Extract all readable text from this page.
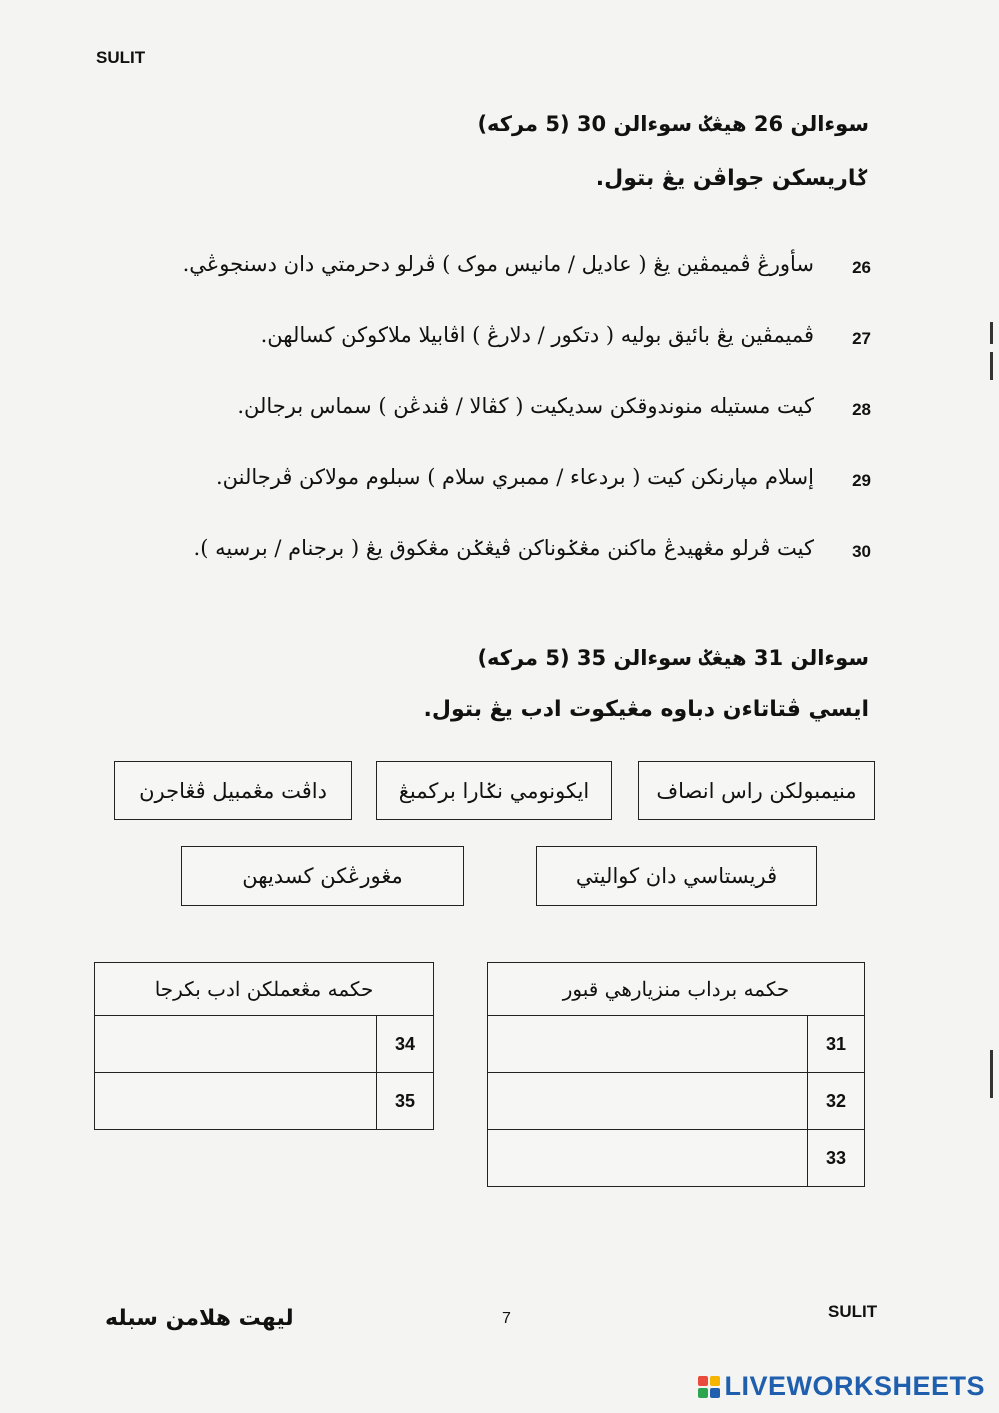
SULIT
سوءالن 26 هيڠݢ سوءالن 30 (5 مرکه)
ݢاريسکن جواڤن يڠ بتول.
26
سأورڠ ڤميمڤين يڠ ( عاديل / مانيس موک ) ڤرلو دحرمتي دان دسنجوڠي.
27
ڤميمڤين يڠ بائيق بوليه ( دتکور / دلارڠ ) اڤابيلا ملاکوکن کسالهن.
28
کيت مستيله منوندوقکن سديکيت ( کڤالا / ڤندڠن ) سماس برجالن.
29
إسلام مڽارنکن کيت ( بردعاء / ممبري سلام ) سبلوم مولاکن ڤرجالنن.
30
کيت ڤرلو مڠهيدڠ ماکنن مڠݢوناکن ڤيڠݢن مڠکوق يڠ ( برجنام / برسيه ).
سوءالن 31 هيڠݢ سوءالن 35 (5 مرکه)
ايسي ڤتاتاءن دباوه مڠيکوت ادب يڠ بتول.
منيمبولکن راس انصاف
ايکونومي نݢارا برکمبڠ
داڤت مڠمبيل ڤڠاجرن
ڤريستاسي دان کواليتي
مڠورڠکن کسديهن
حکمه برداب منزيارهي قبور	
	31
	32
	33
حکمه مڠعملکن ادب بکرجا	
	34
	35
ليهت هلامن سبله	7	SULIT
LIVEWORKSHEETS
